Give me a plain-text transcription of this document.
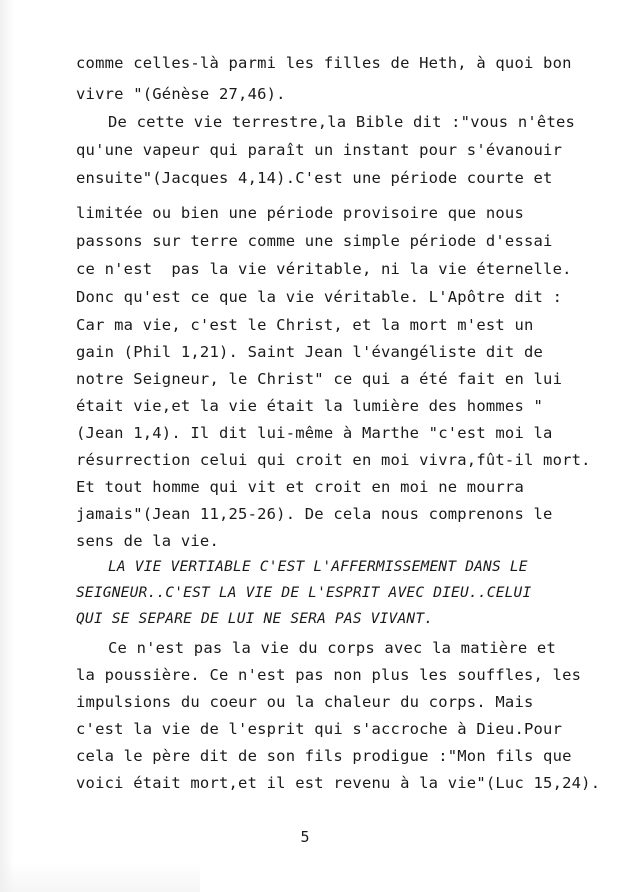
comme celles-là parmi les filles de Heth, à quoi bon
vivre "(Génèse 27,46).
De cette vie terrestre,la Bible dit :"vous n'êtes
qu'une vapeur qui paraît un instant pour s'évanouir
ensuite"(Jacques 4,14).C'est une période courte et
limitée ou bien une période provisoire que nous
passons sur terre comme une simple période d'essai
ce n'est  pas la vie véritable, ni la vie éternelle.
Donc qu'est ce que la vie véritable. L'Apôtre dit :
Car ma vie, c'est le Christ, et la mort m'est un
gain (Phil 1,21). Saint Jean l'évangéliste dit de
notre Seigneur, le Christ" ce qui a été fait en lui
était vie,et la vie était la lumière des hommes "
(Jean 1,4). Il dit lui-même à Marthe "c'est moi la
résurrection celui qui croit en moi vivra,fût-il mort.
Et tout homme qui vit et croit en moi ne mourra
jamais"(Jean 11,25-26). De cela nous comprenons le
sens de la vie.
LA VIE VERTIABLE C'EST L'AFFERMISSEMENT DANS LE
SEIGNEUR..C'EST LA VIE DE L'ESPRIT AVEC DIEU..CELUI
QUI SE SEPARE DE LUI NE SERA PAS VIVANT.
Ce n'est pas la vie du corps avec la matière et
la poussière. Ce n'est pas non plus les souffles, les
impulsions du coeur ou la chaleur du corps. Mais
c'est la vie de l'esprit qui s'accroche à Dieu.Pour
cela le père dit de son fils prodigue :"Mon fils que
voici était mort,et il est revenu à la vie"(Luc 15,24).
5
